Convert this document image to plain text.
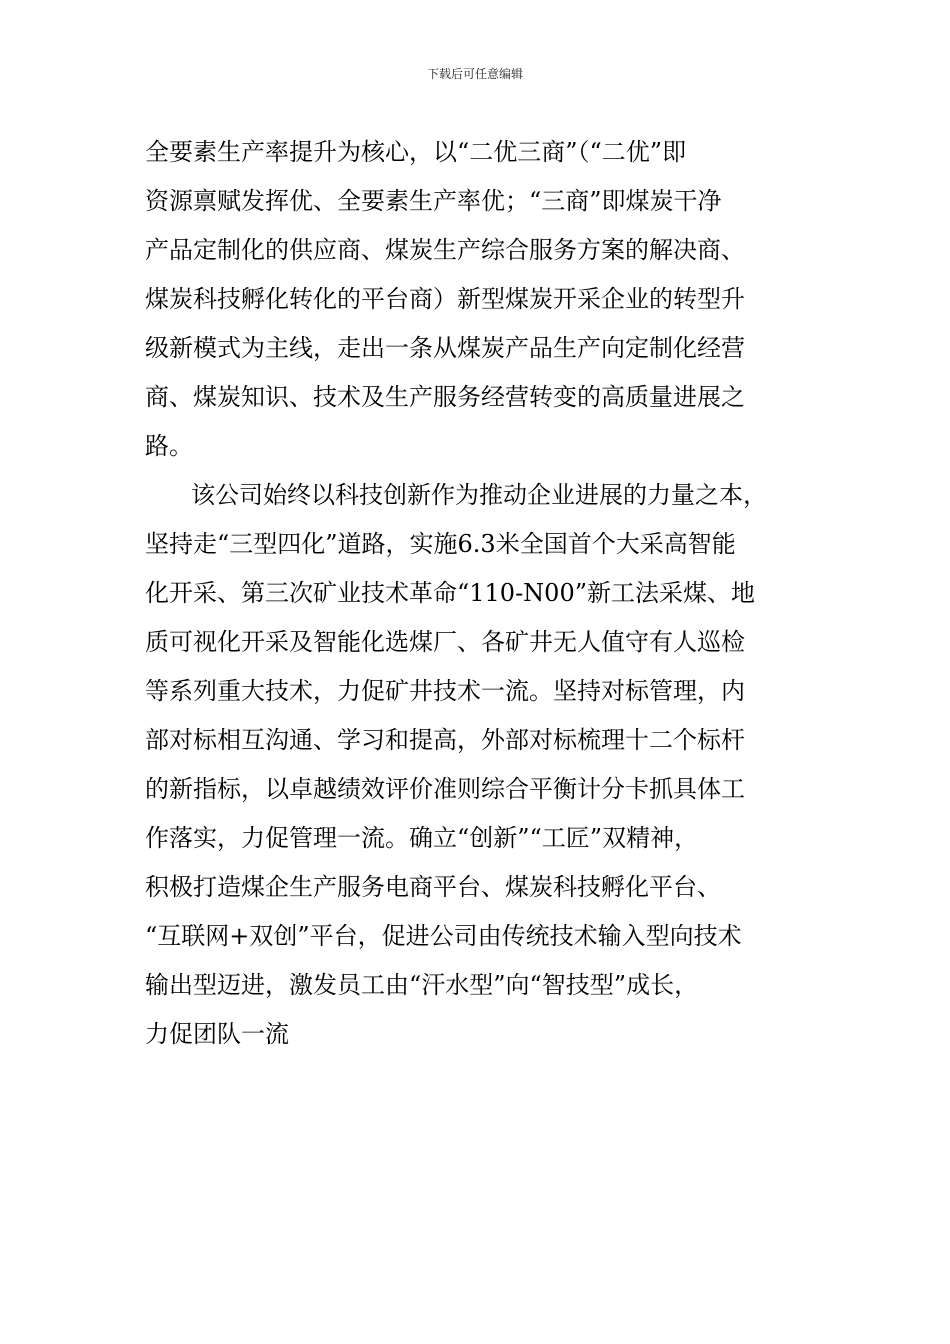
下载后可任意编辑
全要素生产率提升为核心，以“二优三商”（“二优”即
资源禀赋发挥优、全要素生产率优；“三商”即煤炭干净
产品定制化的供应商、煤炭生产综合服务方案的解决商、
煤炭科技孵化转化的平台商）新型煤炭开采企业的转型升
级新模式为主线，走出一条从煤炭产品生产向定制化经营
商、煤炭知识、技术及生产服务经营转变的高质量进展之
路。
该公司始终以科技创新作为推动企业进展的力量之本，
坚持走“三型四化”道路，实施6.3米全国首个大采高智能
化开采、第三次矿业技术革命“110-N00”新工法采煤、地
质可视化开采及智能化选煤厂、各矿井无人值守有人巡检
等系列重大技术，力促矿井技术一流。坚持对标管理，内
部对标相互沟通、学习和提高，外部对标梳理十二个标杆
的新指标，以卓越绩效评价准则综合平衡计分卡抓具体工
作落实，力促管理一流。确立“创新”“工匠”双精神，
积极打造煤企生产服务电商平台、煤炭科技孵化平台、
“互联网+双创”平台，促进公司由传统技术输入型向技术
输出型迈进，激发员工由“汗水型”向“智技型”成长，
力促团队一流
